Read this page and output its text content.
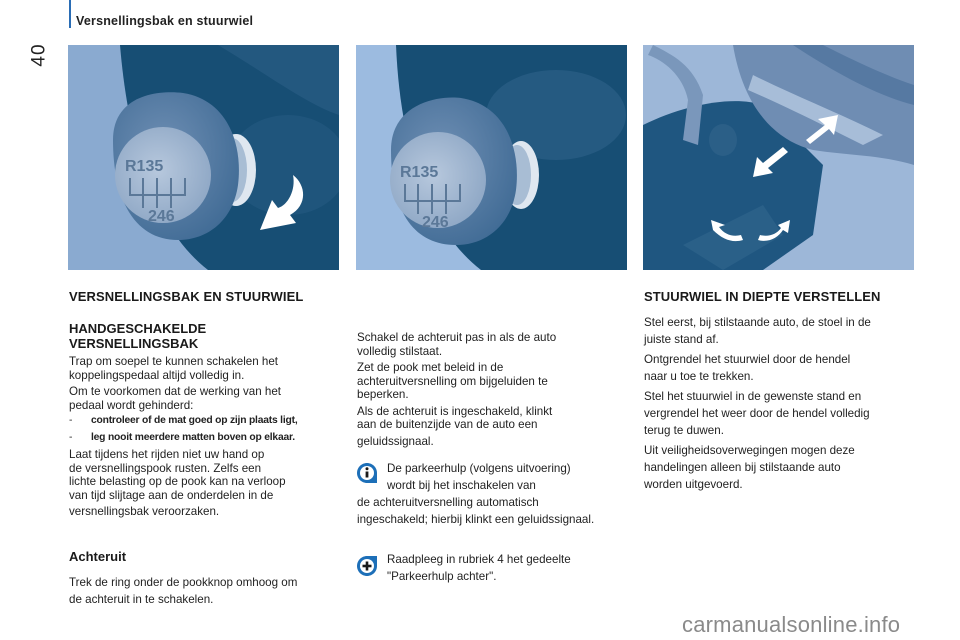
40
Versnellingsbak en stuurwiel
R135
246
R135
246
VERSNELLINGSBAK EN STUURWIEL
HANDGESCHAKELDE
VERSNELLINGSBAK
Trap om soepel te kunnen schakelen het
koppelingspedaal altijd volledig in.
Om te voorkomen dat de werking van het
pedaal wordt gehinderd:
- controleer of de mat goed op zijn plaats ligt,
- leg nooit meerdere matten boven op elkaar.
Laat tijdens het rijden niet uw hand op
de versnellingspook rusten. Zelfs een
lichte belasting op de pook kan na verloop
van tijd slijtage aan de onderdelen in de
versnellingsbak veroorzaken.
Achteruit
Trek de ring onder de pookknop omhoog om
de achteruit in te schakelen.
Schakel de achteruit pas in als de auto
volledig stilstaat.
Zet de pook met beleid in de
achteruitversnelling om bijgeluiden te
beperken.
Als de achteruit is ingeschakeld, klinkt
aan de buitenzijde van de auto een
geluidssignaal.
De parkeerhulp (volgens uitvoering)
wordt bij het inschakelen van
de achteruitversnelling automatisch
ingeschakeld; hierbij klinkt een geluidssignaal.
Raadpleeg in rubriek 4 het gedeelte
"Parkeerhulp achter".
STUURWIEL IN DIEPTE VERSTELLEN
Stel eerst, bij stilstaande auto, de stoel in de
juiste stand af.
Ontgrendel het stuurwiel door de hendel
naar u toe te trekken.
Stel het stuurwiel in de gewenste stand en
vergrendel het weer door de hendel volledig
terug te duwen.
Uit veiligheidsoverwegingen mogen deze
handelingen alleen bij stilstaande auto
worden uitgevoerd.
carmanualsonline.info
